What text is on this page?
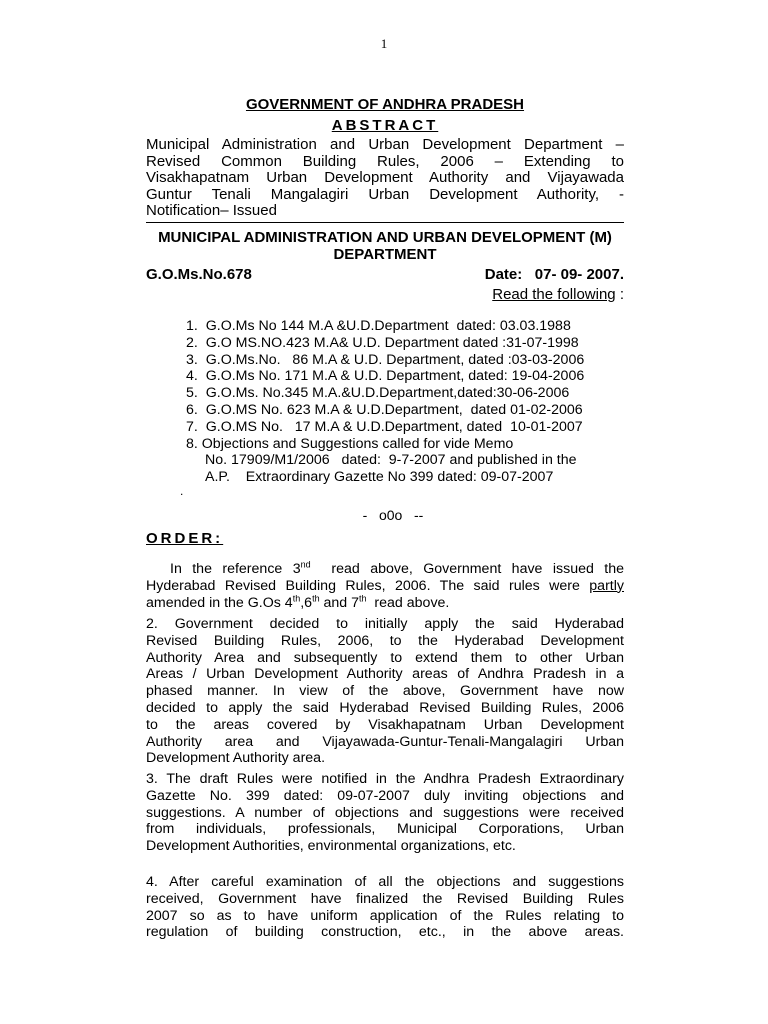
1
GOVERNMENT OF ANDHRA PRADESH
ABSTRACT
Municipal Administration and Urban Development Department –
Revised Common Building Rules, 2006 – Extending to
Visakhapatnam Urban Development Authority and Vijayawada
Guntur Tenali Mangalagiri Urban Development Authority, -
Notification– Issued
MUNICIPAL ADMINISTRATION AND URBAN DEVELOPMENT (M)
DEPARTMENT
G.O.Ms.No.678	Date:   07- 09- 2007.
Read the following :
1.  G.O.Ms No 144 M.A &U.D.Department  dated: 03.03.1988
2.  G.O MS.NO.423 M.A& U.D. Department dated :31-07-1998
3.  G.O.Ms.No.   86 M.A & U.D. Department, dated :03-03-2006
4.  G.O.Ms No. 171 M.A & U.D. Department, dated: 19-04-2006
5.  G.O.Ms. No.345 M.A.&U.D.Department,dated:30-06-2006
6.  G.O.MS No. 623 M.A & U.D.Department,  dated 01-02-2006
7.  G.O.MS No.   17 M.A & U.D.Department, dated  10-01-2007
8. Objections and Suggestions called for vide Memo
No. 17909/M1/2006   dated:  9-7-2007 and published in the
A.P.    Extraordinary Gazette No 399 dated: 09-07-2007
.
-   o0o   --
ORDER:
In the reference 3nd  read above, Government have issued the
Hyderabad Revised Building Rules, 2006. The said rules were partly
amended in the G.Os 4th,6th and 7th  read above.
2. Government decided to initially apply the said Hyderabad
Revised Building Rules, 2006, to the Hyderabad Development
Authority Area and subsequently to extend them to other Urban
Areas / Urban Development Authority areas of Andhra Pradesh in a
phased manner. In view of the above, Government have now
decided to apply the said Hyderabad Revised Building Rules, 2006
to the areas covered by Visakhapatnam Urban Development
Authority area and Vijayawada-Guntur-Tenali-Mangalagiri Urban
Development Authority area.
3. The draft Rules were notified in the Andhra Pradesh Extraordinary
Gazette No. 399 dated: 09-07-2007 duly inviting objections and
suggestions. A number of objections and suggestions were received
from individuals, professionals, Municipal Corporations, Urban
Development Authorities, environmental organizations, etc.
4. After careful examination of all the objections and suggestions
received, Government have finalized the Revised Building Rules
2007 so as to have uniform application of the Rules relating to
regulation of building construction, etc., in the above areas.
